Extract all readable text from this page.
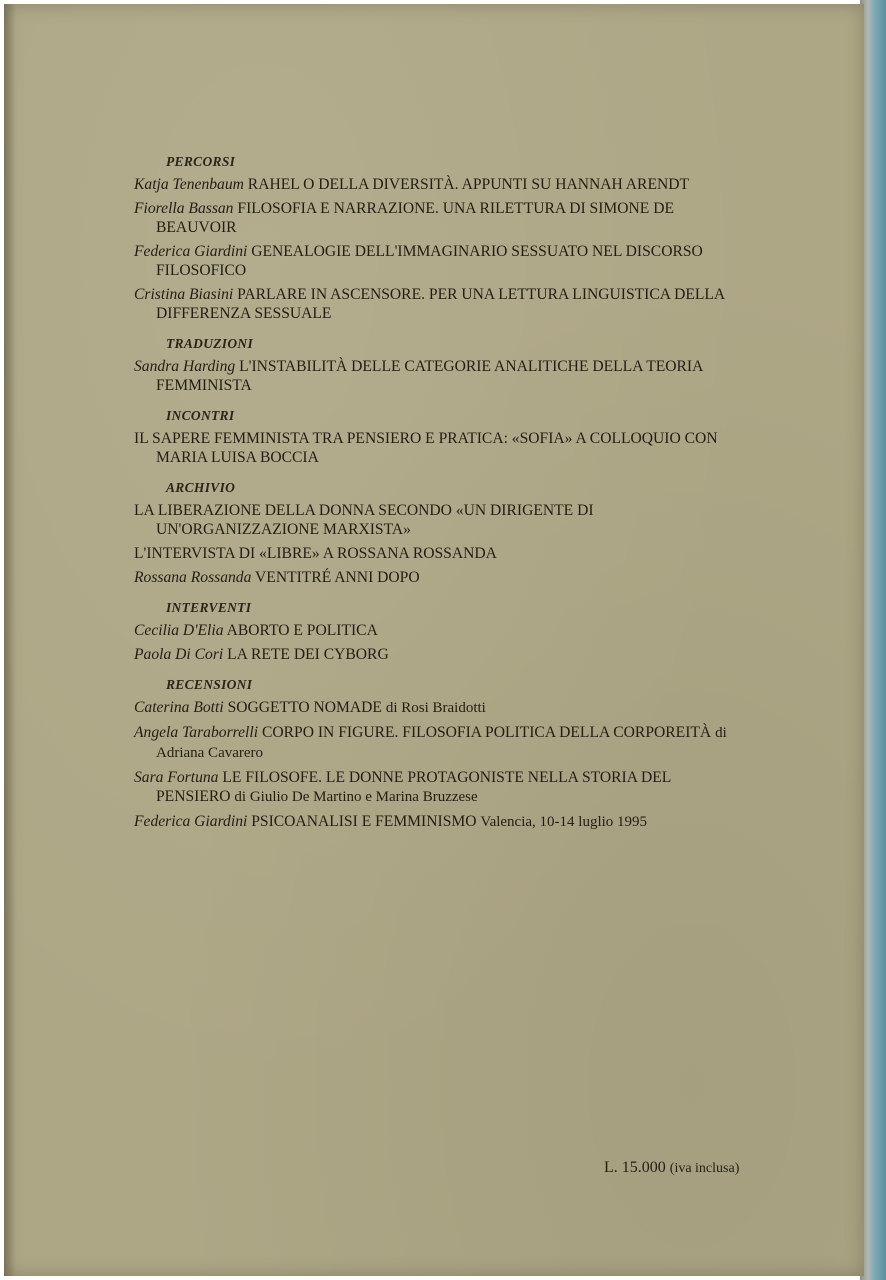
PERCORSI
Katja Tenenbaum RAHEL O DELLA DIVERSITÀ. APPUNTI SU HANNAH ARENDT
Fiorella Bassan FILOSOFIA E NARRAZIONE. UNA RILETTURA DI SIMONE DE BEAUVOIR
Federica Giardini GENEALOGIE DELL'IMMAGINARIO SESSUATO NEL DISCORSO FILOSOFICO
Cristina Biasini PARLARE IN ASCENSORE. PER UNA LETTURA LINGUISTICA DELLA DIFFERENZA SESSUALE
TRADUZIONI
Sandra Harding L'INSTABILITÀ DELLE CATEGORIE ANALITICHE DELLA TEORIA FEMMINISTA
INCONTRI
IL SAPERE FEMMINISTA TRA PENSIERO E PRATICA: «SOFIA» A COLLOQUIO CON MARIA LUISA BOCCIA
ARCHIVIO
LA LIBERAZIONE DELLA DONNA SECONDO «UN DIRIGENTE DI UN'ORGANIZZAZIONE MARXISTA»
L'INTERVISTA DI «LIBRE» A ROSSANA ROSSANDA
Rossana Rossanda VENTITRÉ ANNI DOPO
INTERVENTI
Cecilia D'Elia ABORTO E POLITICA
Paola Di Cori LA RETE DEI CYBORG
RECENSIONI
Caterina Botti SOGGETTO NOMADE di Rosi Braidotti
Angela Taraborrelli CORPO IN FIGURE. FILOSOFIA POLITICA DELLA CORPOREITÀ di Adriana Cavarero
Sara Fortuna LE FILOSOFE. LE DONNE PROTAGONISTE NELLA STORIA DEL PENSIERO di Giulio De Martino e Marina Bruzzese
Federica Giardini PSICOANALISI E FEMMINISMO Valencia, 10-14 luglio 1995
L. 15.000 (iva inclusa)
